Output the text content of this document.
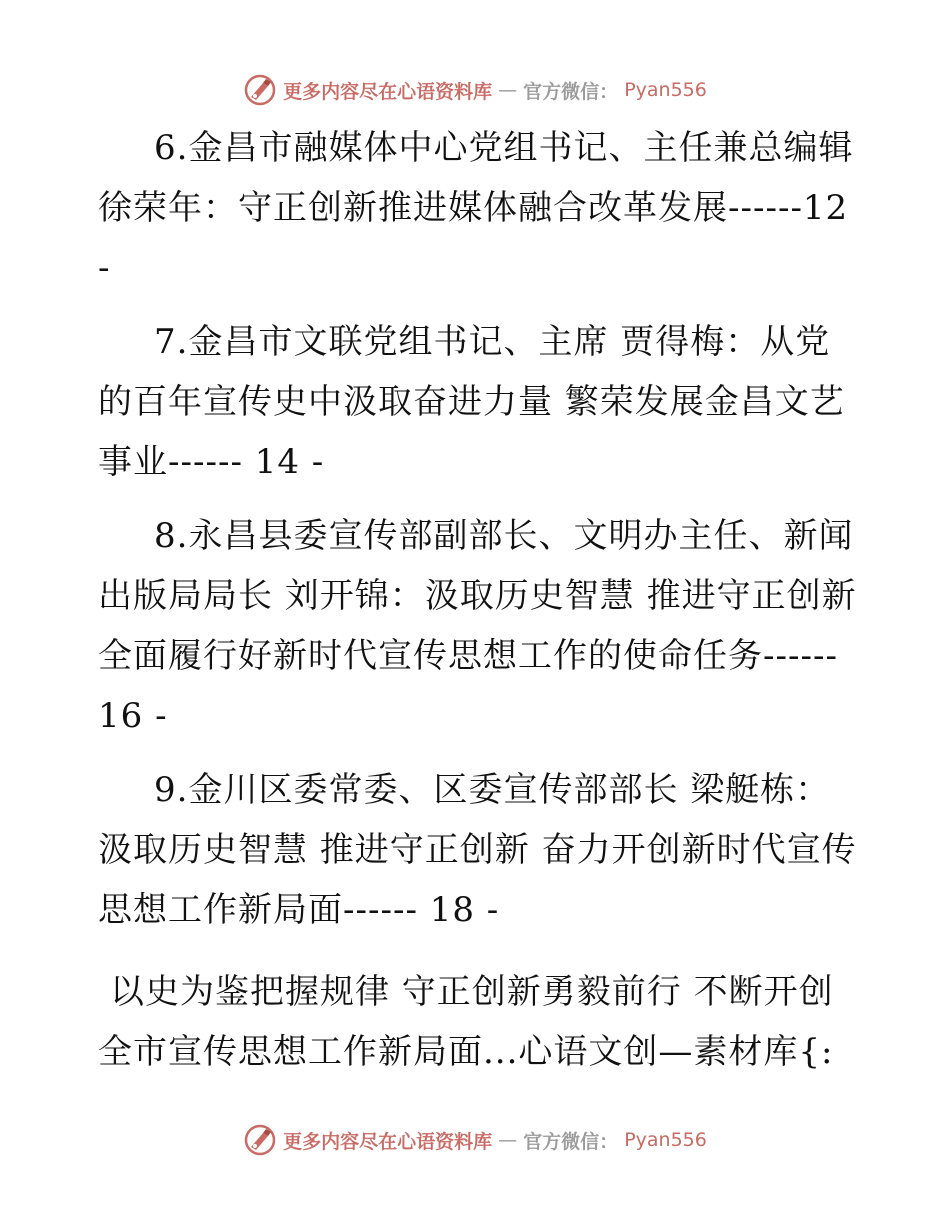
更多内容尽在心语资料库 — 官方微信： Pyan556

6.金昌市融媒体中心党组书记、主任兼总编辑徐荣年：守正创新推进媒体融合改革发展------12 -

7.金昌市文联党组书记、主席 贾得梅：从党的百年宣传史中汲取奋进力量 繁荣发展金昌文艺事业------ 14 -

8.永昌县委宣传部副部长、文明办主任、新闻出版局局长 刘开锦：汲取历史智慧 推进守正创新全面履行好新时代宣传思想工作的使命任务------16 -

9.金川区委常委、区委宣传部部长 梁艇栋：汲取历史智慧 推进守正创新 奋力开创新时代宣传思想工作新局面------ 18 -

以史为鉴把握规律 守正创新勇毅前行 不断开创全市宣传思想工作新局面...心语文创—素材库{:

更多内容尽在心语资料库 — 官方微信： Pyan556
